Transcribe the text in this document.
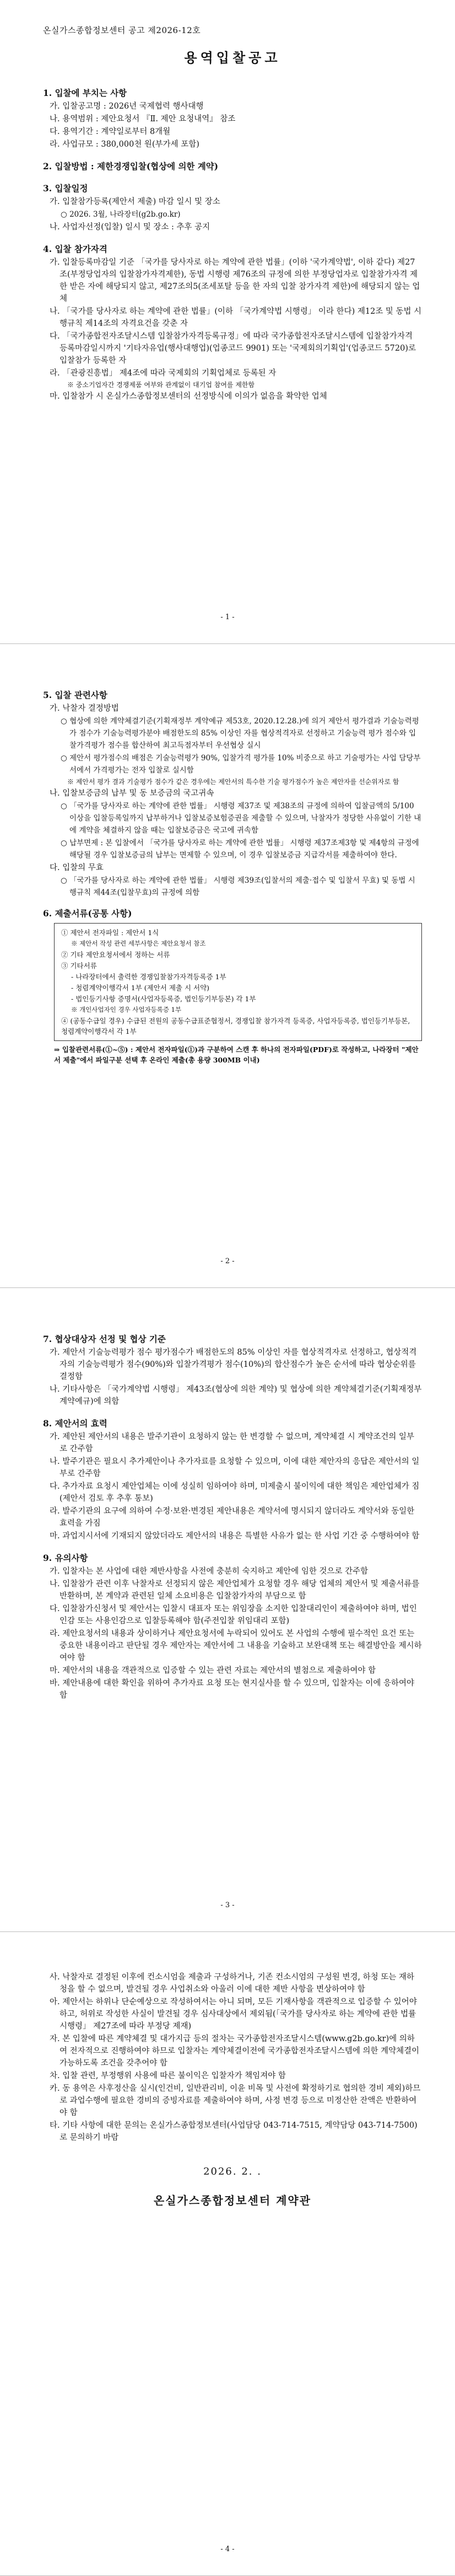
온실가스종합정보센터 공고 제2026-12호
용역입찰공고
1. 입찰에 부치는 사항
가. 입찰공고명 : 2026년 국제협력 행사대행
나. 용역범위 : 제안요청서 『Ⅱ. 제안 요청내역』 참조
다. 용역기간 : 계약일로부터 8개월
라. 사업규모 : 380,000천 원(부가세 포함)
2. 입찰방법 : 제한경쟁입찰(협상에 의한 계약)
3. 입찰일정
가. 입찰참가등록(제안서 제출) 마감 일시 및 장소
○ 2026. 3월, 나라장터(g2b.go.kr)
나. 사업자선정(입찰) 일시 및 장소 : 추후 공지
4. 입찰 참가자격
가. 입찰등록마감일 기준 「국가를 당사자로 하는 계약에 관한 법률」(이하 '국가계약법', 이하 같다) 제27조(부정당업자의 입찰참가자격제한), 동법 시행령 제76조의 규정에 의한 부정당업자로 입찰참가자격 제한 받은 자에 해당되지 않고, 제27조의5(조세포탈 등을 한 자의 입찰 참가자격 제한)에 해당되지 않는 업체
나. 「국가를 당사자로 하는 계약에 관한 법률」(이하 「국가계약법 시행령」 이라 한다) 제12조 및 동법 시행규칙 제14조의 자격요건을 갖춘 자
다. 「국가종합전자조달시스템 입찰참가자격등록규정」에 따라 국가종합전자조달시스템에 입찰참가자격 등록마감일시까지 '기타자유업(행사대행업)(업종코드 9901) 또는 '국제회의기획업'(업종코드 5720)로 입찰참가 등록한 자
라. 「관광진흥법」 제4조에 따라 국제회의 기획업체로 등록된 자
※ 중소기업자간 경쟁제품 여부와 관계없이 대기업 참여를 제한함
마. 입찰참가 시 온실가스종합정보센터의 선정방식에 이의가 없음을 확약한 업체
- 1 -
5. 입찰 관련사항
가. 낙찰자 결정방법
○ 협상에 의한 계약체결기준(기획재정부 계약예규 제53호, 2020.12.28.)에 의거 제안서 평가결과 기술능력평가 점수가 기술능력평가분야 배점한도의 85% 이상인 자를 협상적격자로 선정하고 기술능력 평가 점수와 입찰가격평가 점수를 합산하여 최고득점자부터 우선협상 실시
○ 제안서 평가점수의 배점은 기술능력평가 90%, 입찰가격 평가를 10% 비중으로 하고 기술평가는 사업 담당부서에서 가격평가는 전자 입찰로 실시함
※ 제안서 평가 결과 기술평가 점수가 같은 경우에는 제안서의 특수한 기술 평가점수가 높은 제안자를 선순위자로 함
나. 입찰보증금의 납부 및 동 보증금의 국고귀속
○ 「국가를 당사자로 하는 계약에 관한 법률」 시행령 제37조 및 제38조의 규정에 의하여 입찰금액의 5/100 이상을 입찰등록일까지 납부하거나 입찰보증보험증권을 제출할 수 있으며, 낙찰자가 정당한 사유없이 기한 내에 계약을 체결하지 않을 때는 입찰보증금은 국고에 귀속함
○ 납부면제 : 본 입찰에서 「국가를 당사자로 하는 계약에 관한 법률」 시행령 제37조제3항 및 제4항의 규정에 해당될 경우 입찰보증금의 납부는 면제할 수 있으며, 이 경우 입찰보증금 지급각서를 제출하여야 한다.
다. 입찰의 무효
○ 「국가를 당사자로 하는 계약에 관한 법률」 시행령 제39조(입찰서의 제출·접수 및 입찰서 무효) 및 동법 시행규칙 제44조(입찰무효)의 규정에 의함
6. 제출서류(공통 사항)
① 제안서 전자파일 : 제안서 1식
※ 제안서 작성 관련 세부사항은 제안요청서 참조
② 기타 제안요청서에서 정하는 서류
③ 기타서류
- 나라장터에서 출력한 경쟁입찰참가자격등록증 1부
- 청렴계약이행각서 1부 (제안서 제출 시 서약)
- 법인등기사항 증명서(사업자등록증, 법인등기부등본) 각 1부
※ 개인사업자인 경우 사업자등록증 1부
④ (공동수급일 경우) 수급된 전원의 공동수급표준협정서, 경쟁입찰 참가자격 등록증, 사업자등록증, 법인등기부등본, 청렴계약이행각서 각 1부
⇒ 입찰관련서류(①~⑤) : 제안서 전자파일(①)과 구분하여 스캔 후 하나의 전자파일(PDF)로 작성하고, 나라장터 "제안서 제출"에서 파일구분 선택 후 온라인 제출(총 용량 300MB 이내)
- 2 -
7. 협상대상자 선정 및 협상 기준
가. 제안서 기술능력평가 점수 평가점수가 배점한도의 85% 이상인 자를 협상적격자로 선정하고, 협상적격자의 기술능력평가 점수(90%)와 입찰가격평가 점수(10%)의 합산점수가 높은 순서에 따라 협상순위를 결정함
나. 기타사항은 「국가계약법 시행령」 제43조(협상에 의한 계약) 및 협상에 의한 계약체결기준(기획재정부 계약예규)에 의함
8. 제안서의 효력
가. 제안된 제안서의 내용은 발주기관이 요청하지 않는 한 변경할 수 없으며, 계약체결 시 계약조건의 일부로 간주함
나. 발주기관은 필요시 추가제안이나 추가자료를 요청할 수 있으며, 이에 대한 제안자의 응답은 제안서의 일부로 간주함
다. 추가자료 요청시 제안업체는 이에 성실히 임하여야 하며, 미제출시 불이익에 대한 책임은 제안업체가 짐(제안서 검토 후 추후 통보)
라. 발주기관의 요구에 의하여 수정·보완·변경된 제안내용은 계약서에 명시되지 않더라도 계약서와 동일한 효력을 가짐
마. 과업지시서에 기재되지 않았더라도 제안서의 내용은 특별한 사유가 없는 한 사업 기간 중 수행하여야 함
9. 유의사항
가. 입찰자는 본 사업에 대한 제반사항을 사전에 충분히 숙지하고 제안에 임한 것으로 간주함
나. 입찰참가 관련 이후 낙찰자로 선정되지 않은 제안업체가 요청할 경우 해당 업체의 제안서 및 제출서류를 반환하며, 본 계약과 관련된 일체 소요비용은 입찰참가자의 부담으로 함
다. 입찰참가신청서 및 제안서는 입찰시 대표자 또는 위임장을 소지한 입찰대리인이 제출하여야 하며, 법인인감 또는 사용인감으로 입찰등록해야 함(주전입찰 위임대리 포함)
라. 제안요청서의 내용과 상이하거나 제안요청서에 누락되어 있어도 본 사업의 수행에 필수적인 요건 또는 중요한 내용이라고 판단될 경우 제안자는 제안서에 그 내용을 기술하고 보완대책 또는 해결방안을 제시하여야 함
마. 제안서의 내용을 객관적으로 입증할 수 있는 관련 자료는 제안서의 별첨으로 제출하여야 함
바. 제안내용에 대한 확인을 위하여 추가자료 요청 또는 현지실사를 할 수 있으며, 입찰자는 이에 응하여야 함
- 3 -
사. 낙찰자로 결정된 이후에 컨소시엄을 제출과 구성하거나, 기존 컨소시엄의 구성원 변경, 하청 또는 재하청을 할 수 없으며, 발견될 경우 사업취소와 아울러 이에 대한 제반 사항을 변상하여야 함
아. 제안서는 하위나 단순예상으로 작성하여서는 아니 되며, 모든 기재사항을 객관적으로 입증할 수 있어야 하고, 허위로 작성한 사실이 발견될 경우 심사대상에서 제외됨(「국가를 당사자로 하는 계약에 관한 법률 시행령」 제27조에 따라 부정당 제재)
자. 본 입찰에 따른 계약체결 및 대가지급 등의 절차는 국가종합전자조달시스템(www.g2b.go.kr)에 의하여 전자적으로 진행하여야 하므로 입찰자는 계약체결이전에 국가종합전자조달시스템에 의한 계약체결이 가능하도록 조건을 갖추어야 함
차. 입찰 관련, 부정행위 사용에 따른 불이익은 입찰자가 책임져야 함
카. 동 용역은 사후정산을 실시(인건비, 일반관리비, 이윤 비목 및 사전에 확정하기로 협의한 경비 제외)하므로 과업수행에 필요한 경비의 증빙자료를 제출하여야 하며, 사정 변경 등으로 미정산한 잔액은 반환하여야 함
타. 기타 사항에 대한 문의는 온실가스종합정보센터(사업담당 043-714-7515, 계약담당 043-714-7500)로 문의하기 바람
2026. 2. .
온실가스종합정보센터 계약관
- 4 -
